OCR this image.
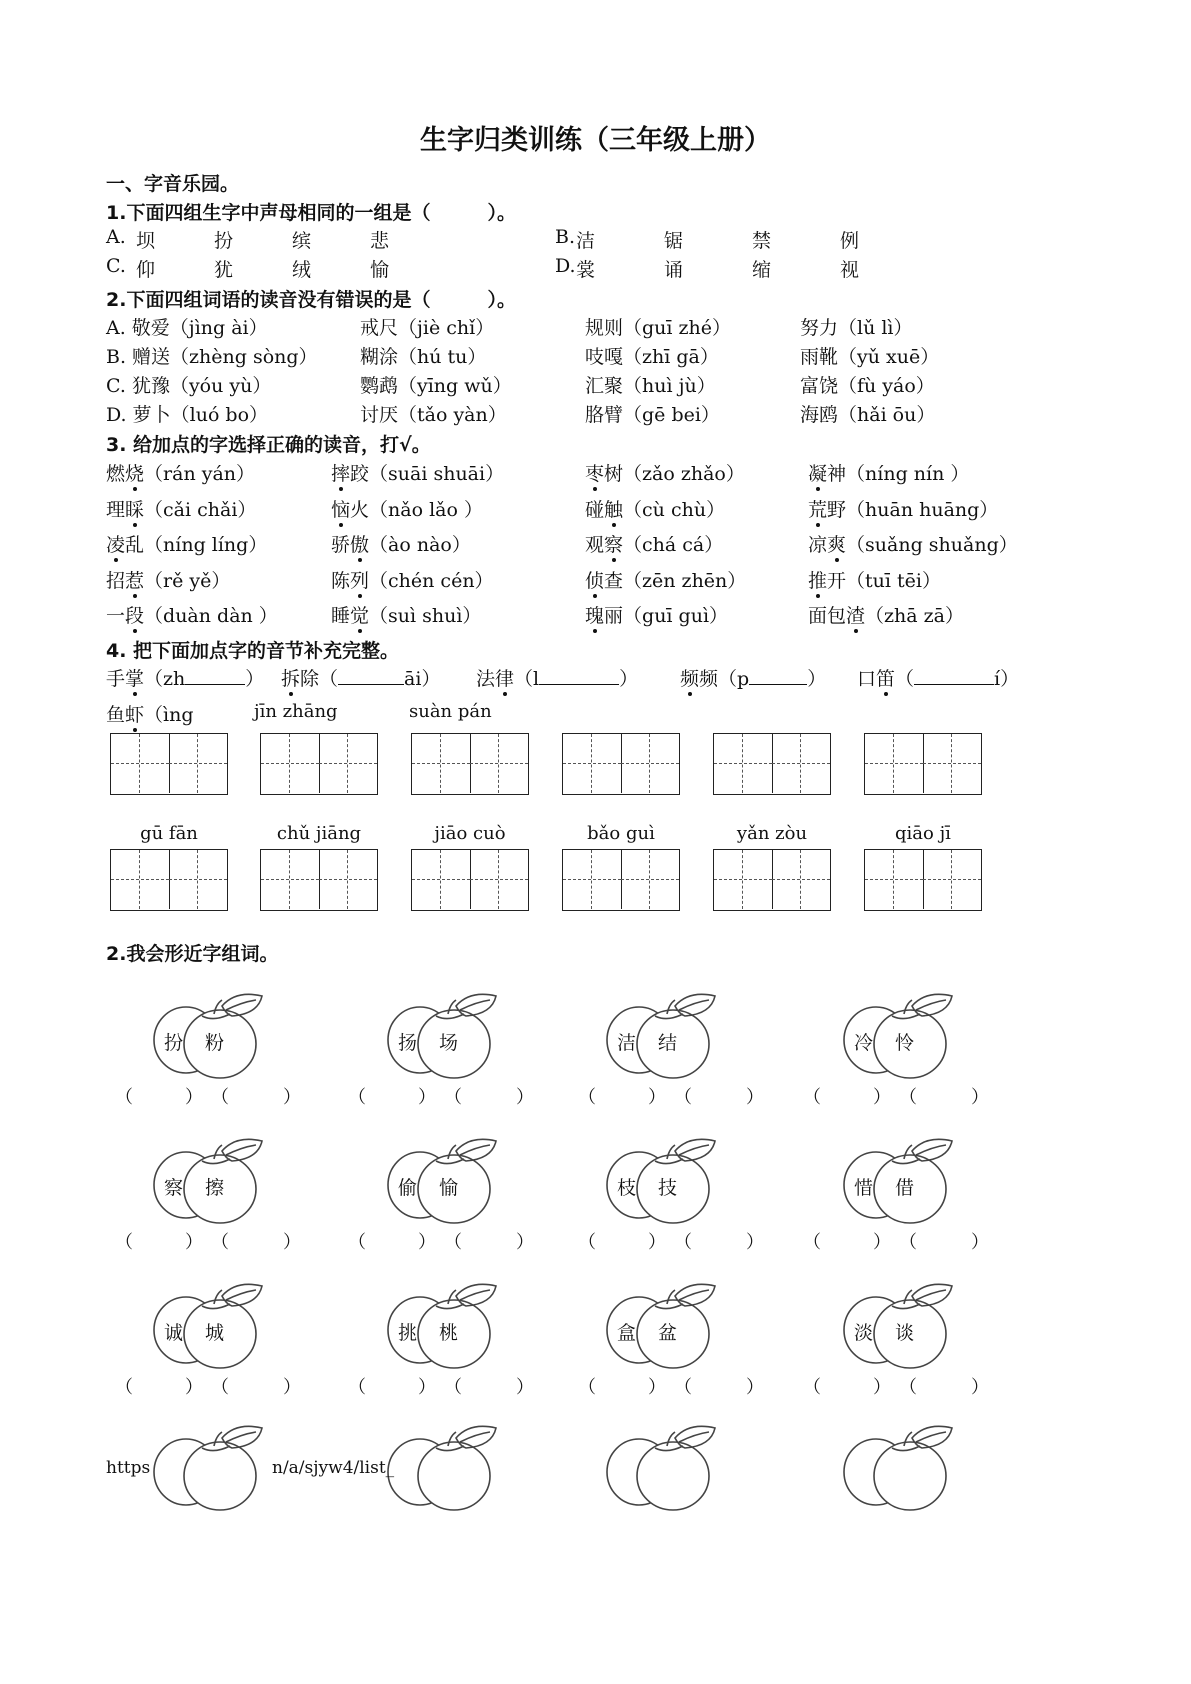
生字归类训练（三年级上册）
一、字音乐园。
1.下面四组生字中声母相同的一组是（　　　）。
A. 坝	扮	缤	悲	B. 洁	锯	禁	例
C. 仰	犹	绒	愉	D. 裳	诵	缩	视
2.下面四组词语的读音没有错误的是（　　　）。
A. 敬爱（jìng ài）	戒尺（jiè chǐ）	规则（guī zhé）	努力（lǔ lì）
B. 赠送（zhèng sòng） 糊涂（hú tu）	吱嘎（zhī gā）	雨靴（yǔ xuē）
C. 犹豫（yóu yù）	鹦鹉（yīng wǔ）	汇聚（huì jù）	富饶（fù yáo）
D. 萝卜（luó bo）	讨厌（tǎo yàn）	胳臂（gē bei）	海鸥（hǎi ōu）
3. 给加点的字选择正确的读音，打√。
燃烧（rán yán）	摔跤（suāi shuāi）	枣树（zǎo zhǎo）	凝神（níng nín ）
理睬（cǎi chǎi）	恼火（nǎo lǎo ）	碰触（cù chù）	荒野（huān huāng）
凌乱（níng líng）	骄傲（ào nào）	观察（chá cá）	凉爽（suǎng shuǎng）
招惹（rě yě）	陈列（chén cén）	侦查（zēn zhēn）	推开（tuī tēi）
一段（duàn dàn ）	睡觉（suì shuì）	瑰丽（guī guì）	面包渣（zhā zā）
4. 把下面加点字的音节补充完整。
手掌（zh	） 拆除（	āi） 法律（l	） 频频（p	） 口笛（	í）
鱼虾（ìng	jīn zhāng	suàn pán
gū fān	chǔ jiāng	jiāo cuò	bǎo guì	yǎn zòu	qiāo jī
2.我会形近字组词。
扮 粉
（	） （	）
扬 场
（	） （	）
洁 结
（	） （	）
冷 怜
（	） （	）
察 擦
（	） （	）
偷 愉
（	） （	）
枝 技
（	） （	）
惜 借
（	） （	）
诚 城
（	） （	）
挑 桃
（	） （	）
盒 盆
（	） （	）
淡 谈
（	） （	）
https	n/a/sjyw4/list_
